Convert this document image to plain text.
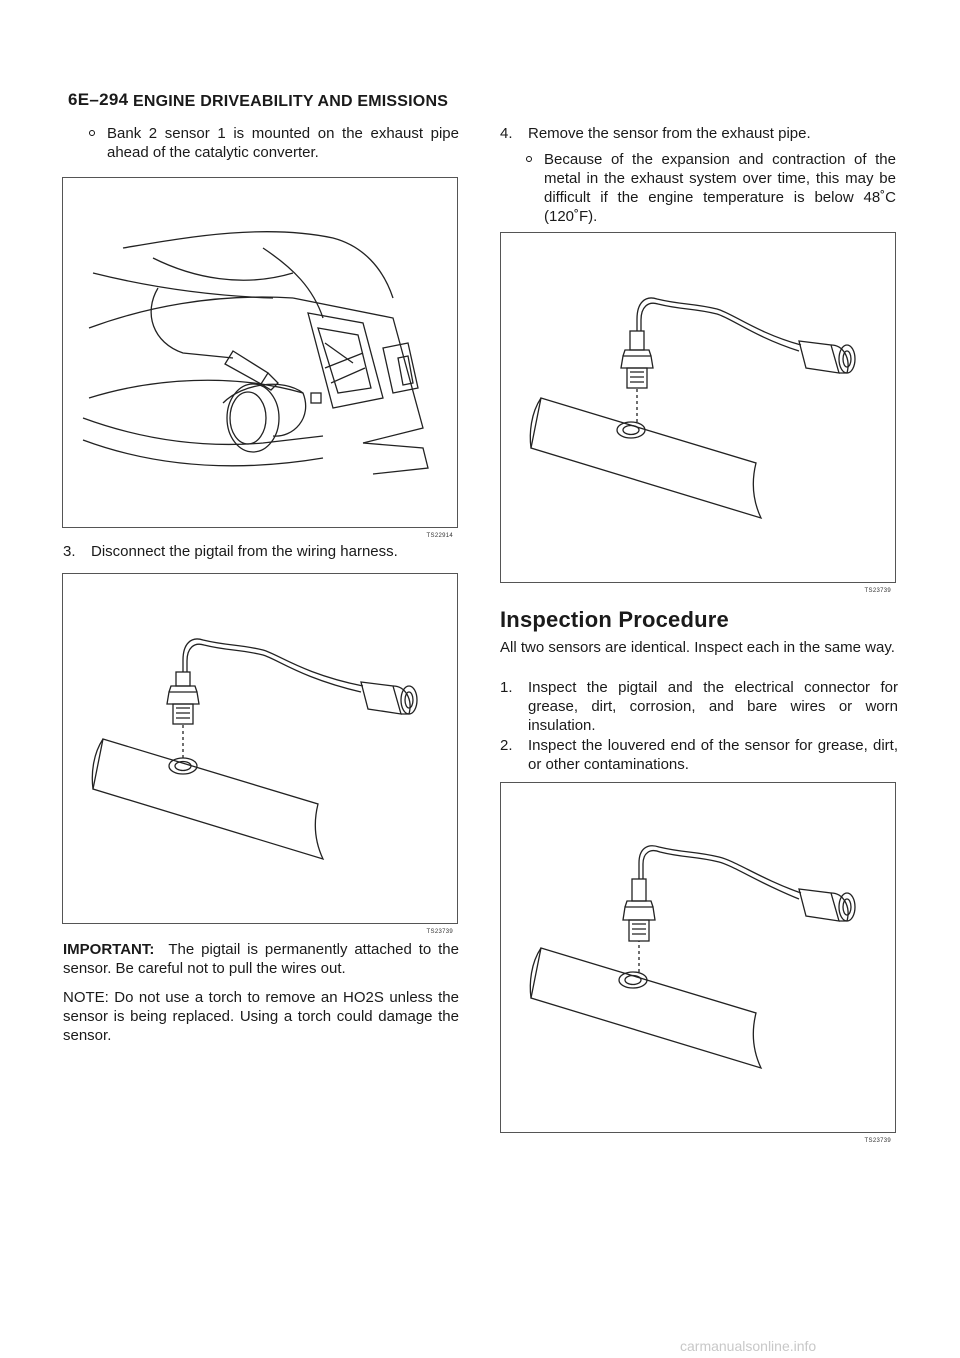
6E–294 ENGINE DRIVEABILITY AND EMISSIONS

Bank 2 sensor 1 is mounted on the exhaust pipe ahead of the catalytic converter.

TS22914

3. Disconnect the pigtail from the wiring harness.

TS23739

IMPORTANT: The pigtail is permanently attached to the sensor. Be careful not to pull the wires out.

NOTE: Do not use a torch to remove an HO2S unless the sensor is being replaced. Using a torch could damage the sensor.

4. Remove the sensor from the exhaust pipe.

Because of the expansion and contraction of the metal in the exhaust system over time, this may be difficult if the engine temperature is below 48˚C (120˚F).

TS23739
Inspection Procedure

All two sensors are identical. Inspect each in the same way.

1. Inspect the pigtail and the electrical connector for grease, dirt, corrosion, and bare wires or worn insulation.

2. Inspect the louvered end of the sensor for grease, dirt, or other contaminations.

TS23739
carmanualsonline.info
